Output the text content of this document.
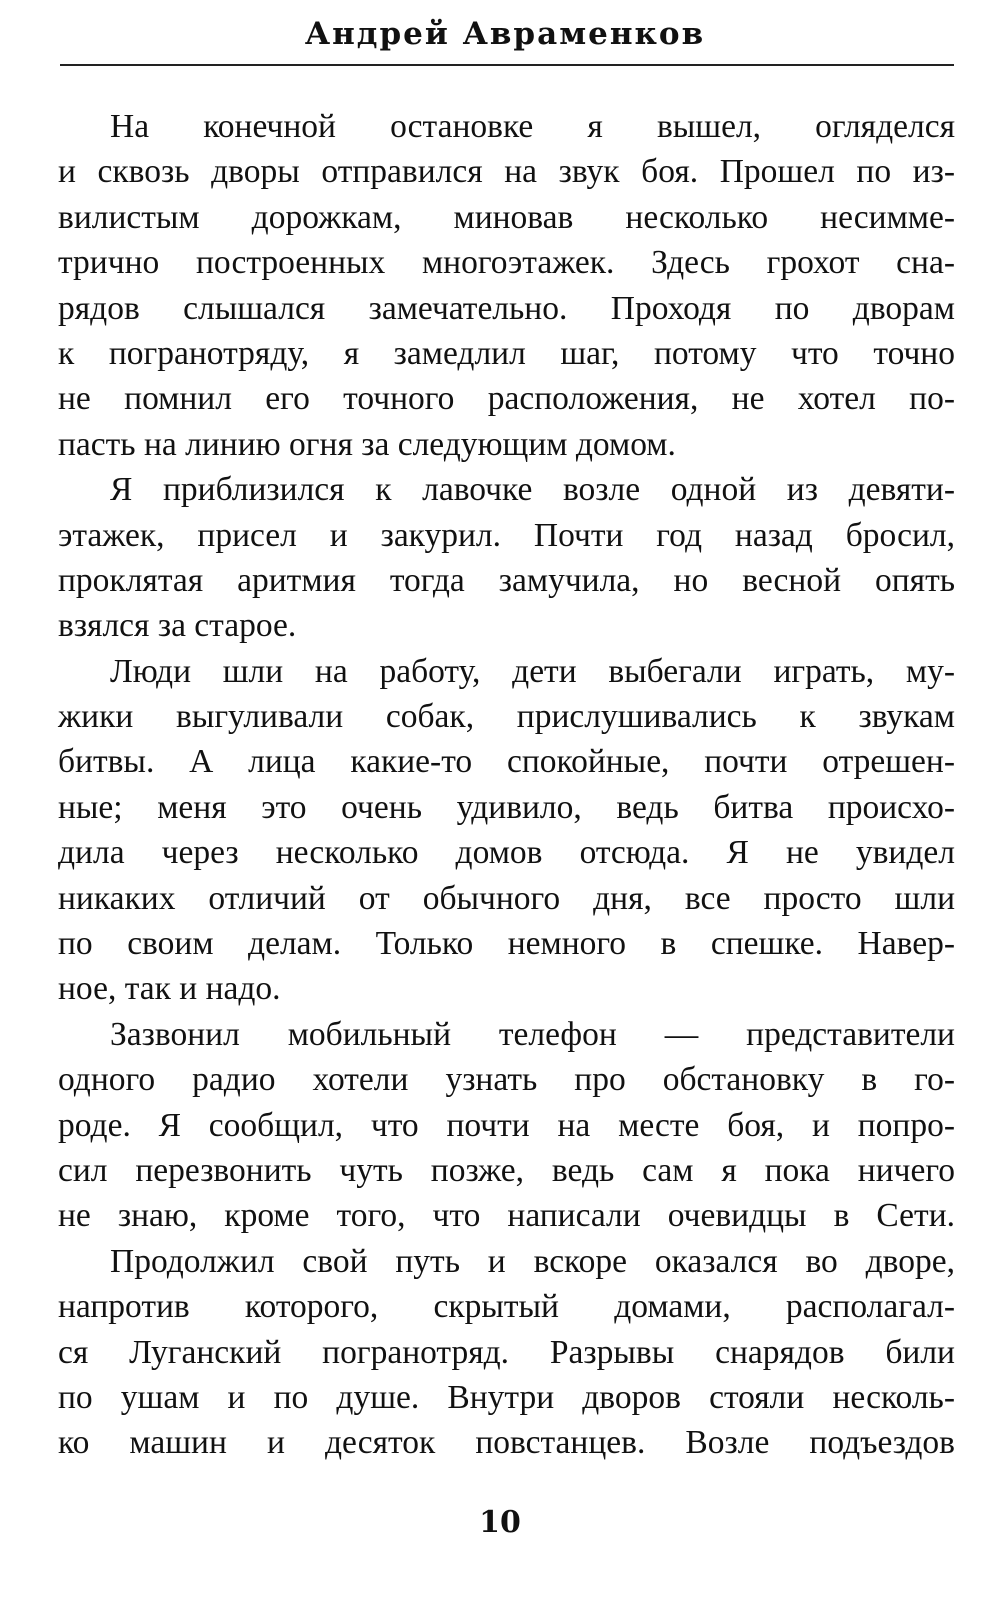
Андрей Авраменков
На конечной остановке я вышел, огляделся
и сквозь дворы отправился на звук боя. Прошел по из-
вилистым дорожкам, миновав несколько несимме-
трично построенных многоэтажек. Здесь грохот сна-
рядов слышался замечательно. Проходя по дворам
к погранотряду, я замедлил шаг, потому что точно
не помнил его точного расположения, не хотел по-
пасть на линию огня за следующим домом.
Я приблизился к лавочке возле одной из девяти-
этажек, присел и закурил. Почти год назад бросил,
проклятая аритмия тогда замучила, но весной опять
взялся за старое.
Люди шли на работу, дети выбегали играть, му-
жики выгуливали собак, прислушивались к звукам
битвы. А лица какие-то спокойные, почти отрешен-
ные; меня это очень удивило, ведь битва происхо-
дила через несколько домов отсюда. Я не увидел
никаких отличий от обычного дня, все просто шли
по своим делам. Только немного в спешке. Навер-
ное, так и надо.
Зазвонил мобильный телефон — представители
одного радио хотели узнать про обстановку в го-
роде. Я сообщил, что почти на месте боя, и попро-
сил перезвонить чуть позже, ведь сам я пока ничего
не знаю, кроме того, что написали очевидцы в Сети.
Продолжил свой путь и вскоре оказался во дворе,
напротив которого, скрытый домами, располагал-
ся Луганский погранотряд. Разрывы снарядов били
по ушам и по душе. Внутри дворов стояли несколь-
ко машин и десяток повстанцев. Возле подъездов
10
